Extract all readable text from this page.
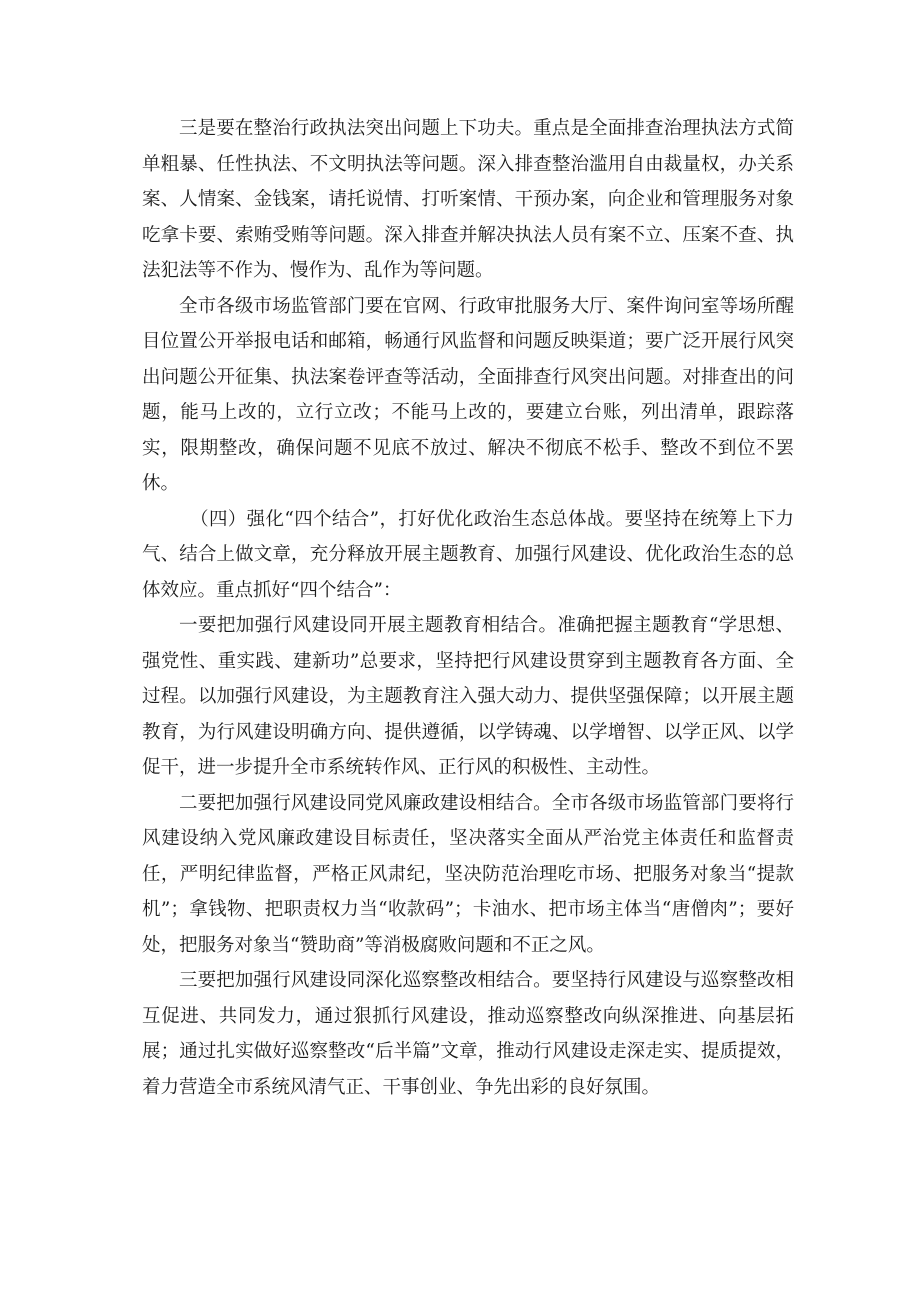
三是要在整治行政执法突出问题上下功夫。重点是全面排查治理执法方式简单粗暴、任性执法、不文明执法等问题。深入排查整治滥用自由裁量权，办关系案、人情案、金钱案，请托说情、打听案情、干预办案，向企业和管理服务对象吃拿卡要、索贿受贿等问题。深入排查并解决执法人员有案不立、压案不查、执法犯法等不作为、慢作为、乱作为等问题。

全市各级市场监管部门要在官网、行政审批服务大厅、案件询问室等场所醒目位置公开举报电话和邮箱，畅通行风监督和问题反映渠道；要广泛开展行风突出问题公开征集、执法案卷评查等活动，全面排查行风突出问题。对排查出的问题，能马上改的，立行立改；不能马上改的，要建立台账，列出清单，跟踪落实，限期整改，确保问题不见底不放过、解决不彻底不松手、整改不到位不罢休。

（四）强化“四个结合”，打好优化政治生态总体战。要坚持在统筹上下力气、结合上做文章，充分释放开展主题教育、加强行风建设、优化政治生态的总体效应。重点抓好“四个结合”：

一要把加强行风建设同开展主题教育相结合。准确把握主题教育“学思想、强党性、重实践、建新功”总要求，坚持把行风建设贯穿到主题教育各方面、全过程。以加强行风建设，为主题教育注入强大动力、提供坚强保障；以开展主题教育，为行风建设明确方向、提供遵循，以学铸魂、以学增智、以学正风、以学促干，进一步提升全市系统转作风、正行风的积极性、主动性。

二要把加强行风建设同党风廉政建设相结合。全市各级市场监管部门要将行风建设纳入党风廉政建设目标责任，坚决落实全面从严治党主体责任和监督责任，严明纪律监督，严格正风肃纪，坚决防范治理吃市场、把服务对象当“提款机”；拿钱物、把职责权力当“收款码”；卡油水、把市场主体当“唐僧肉”；要好处，把服务对象当“赞助商”等消极腐败问题和不正之风。

三要把加强行风建设同深化巡察整改相结合。要坚持行风建设与巡察整改相互促进、共同发力，通过狠抓行风建设，推动巡察整改向纵深推进、向基层拓展；通过扎实做好巡察整改“后半篇”文章，推动行风建设走深走实、提质提效，着力营造全市系统风清气正、干事创业、争先出彩的良好氛围。
